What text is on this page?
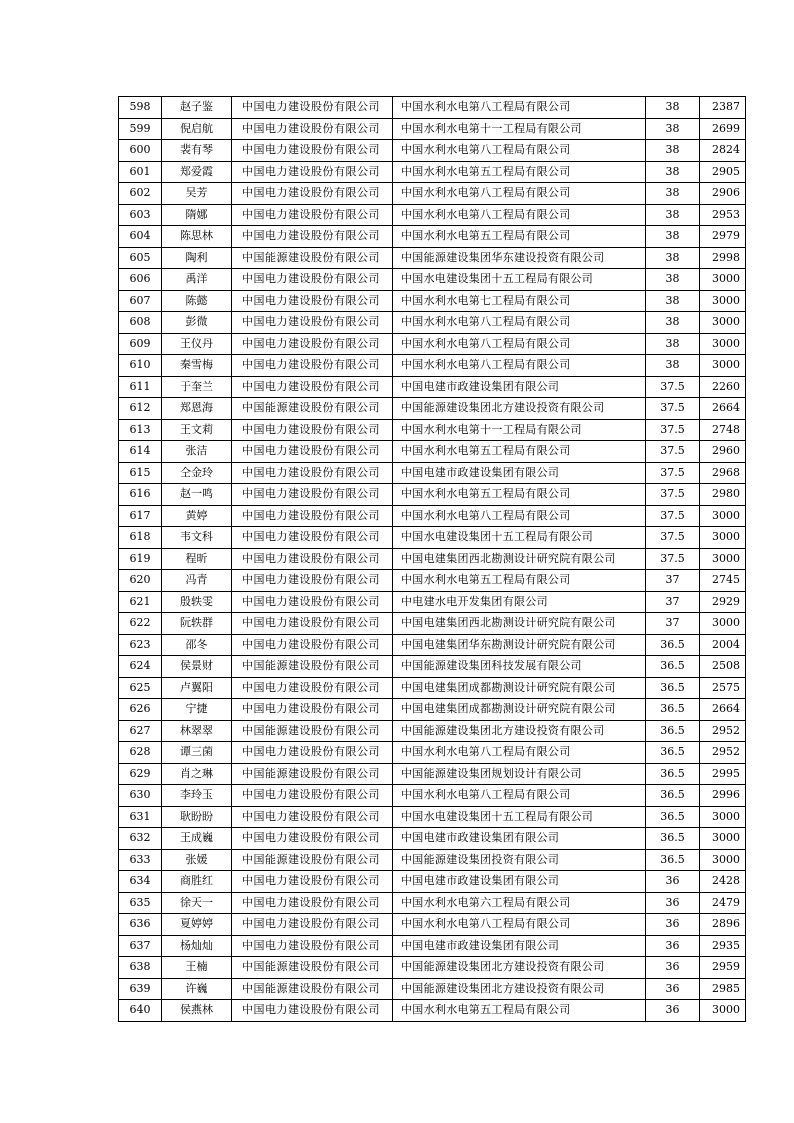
598	赵子鉴	中国电力建设股份有限公司	中国水利水电第八工程局有限公司	38	2387
599	倪启航	中国电力建设股份有限公司	中国水利水电第十一工程局有限公司	38	2699
600	裴有琴	中国电力建设股份有限公司	中国水利水电第八工程局有限公司	38	2824
601	郑爱霞	中国电力建设股份有限公司	中国水利水电第五工程局有限公司	38	2905
602	吴芳	中国电力建设股份有限公司	中国水利水电第八工程局有限公司	38	2906
603	隋娜	中国电力建设股份有限公司	中国水利水电第八工程局有限公司	38	2953
604	陈思林	中国电力建设股份有限公司	中国水利水电第五工程局有限公司	38	2979
605	陶利	中国能源建设股份有限公司	中国能源建设集团华东建设投资有限公司	38	2998
606	禹洋	中国电力建设股份有限公司	中国水电建设集团十五工程局有限公司	38	3000
607	陈懿	中国电力建设股份有限公司	中国水利水电第七工程局有限公司	38	3000
608	彭微	中国电力建设股份有限公司	中国水利水电第八工程局有限公司	38	3000
609	王仪丹	中国电力建设股份有限公司	中国水利水电第八工程局有限公司	38	3000
610	秦雪梅	中国电力建设股份有限公司	中国水利水电第八工程局有限公司	38	3000
611	于奎兰	中国电力建设股份有限公司	中国电建市政建设集团有限公司	37.5	2260
612	郑恩海	中国能源建设股份有限公司	中国能源建设集团北方建设投资有限公司	37.5	2664
613	王文莉	中国电力建设股份有限公司	中国水利水电第十一工程局有限公司	37.5	2748
614	张洁	中国电力建设股份有限公司	中国水利水电第五工程局有限公司	37.5	2960
615	仝金玲	中国电力建设股份有限公司	中国电建市政建设集团有限公司	37.5	2968
616	赵一鸣	中国电力建设股份有限公司	中国水利水电第五工程局有限公司	37.5	2980
617	黄婷	中国电力建设股份有限公司	中国水利水电第八工程局有限公司	37.5	3000
618	韦文科	中国电力建设股份有限公司	中国水电建设集团十五工程局有限公司	37.5	3000
619	程昕	中国电力建设股份有限公司	中国电建集团西北勘测设计研究院有限公司	37.5	3000
620	冯青	中国电力建设股份有限公司	中国水利水电第五工程局有限公司	37	2745
621	殷轶雯	中国电力建设股份有限公司	中电建水电开发集团有限公司	37	2929
622	阮轶群	中国电力建设股份有限公司	中国电建集团西北勘测设计研究院有限公司	37	3000
623	邵冬	中国电力建设股份有限公司	中国电建集团华东勘测设计研究院有限公司	36.5	2004
624	侯景财	中国能源建设股份有限公司	中国能源建设集团科技发展有限公司	36.5	2508
625	卢翼阳	中国电力建设股份有限公司	中国电建集团成都勘测设计研究院有限公司	36.5	2575
626	宁捷	中国电力建设股份有限公司	中国电建集团成都勘测设计研究院有限公司	36.5	2664
627	林翠翠	中国能源建设股份有限公司	中国能源建设集团北方建设投资有限公司	36.5	2952
628	谭三菌	中国电力建设股份有限公司	中国水利水电第八工程局有限公司	36.5	2952
629	肖之琳	中国能源建设股份有限公司	中国能源建设集团规划设计有限公司	36.5	2995
630	李玲玉	中国电力建设股份有限公司	中国水利水电第八工程局有限公司	36.5	2996
631	耿盼盼	中国电力建设股份有限公司	中国水电建设集团十五工程局有限公司	36.5	3000
632	王成巍	中国电力建设股份有限公司	中国电建市政建设集团有限公司	36.5	3000
633	张媛	中国能源建设股份有限公司	中国能源建设集团投资有限公司	36.5	3000
634	商胜红	中国电力建设股份有限公司	中国电建市政建设集团有限公司	36	2428
635	徐天一	中国电力建设股份有限公司	中国水利水电第六工程局有限公司	36	2479
636	夏婷婷	中国电力建设股份有限公司	中国水利水电第八工程局有限公司	36	2896
637	杨灿灿	中国电力建设股份有限公司	中国电建市政建设集团有限公司	36	2935
638	王楠	中国能源建设股份有限公司	中国能源建设集团北方建设投资有限公司	36	2959
639	许巍	中国能源建设股份有限公司	中国能源建设集团北方建设投资有限公司	36	2985
640	侯燕林	中国电力建设股份有限公司	中国水利水电第五工程局有限公司	36	3000
